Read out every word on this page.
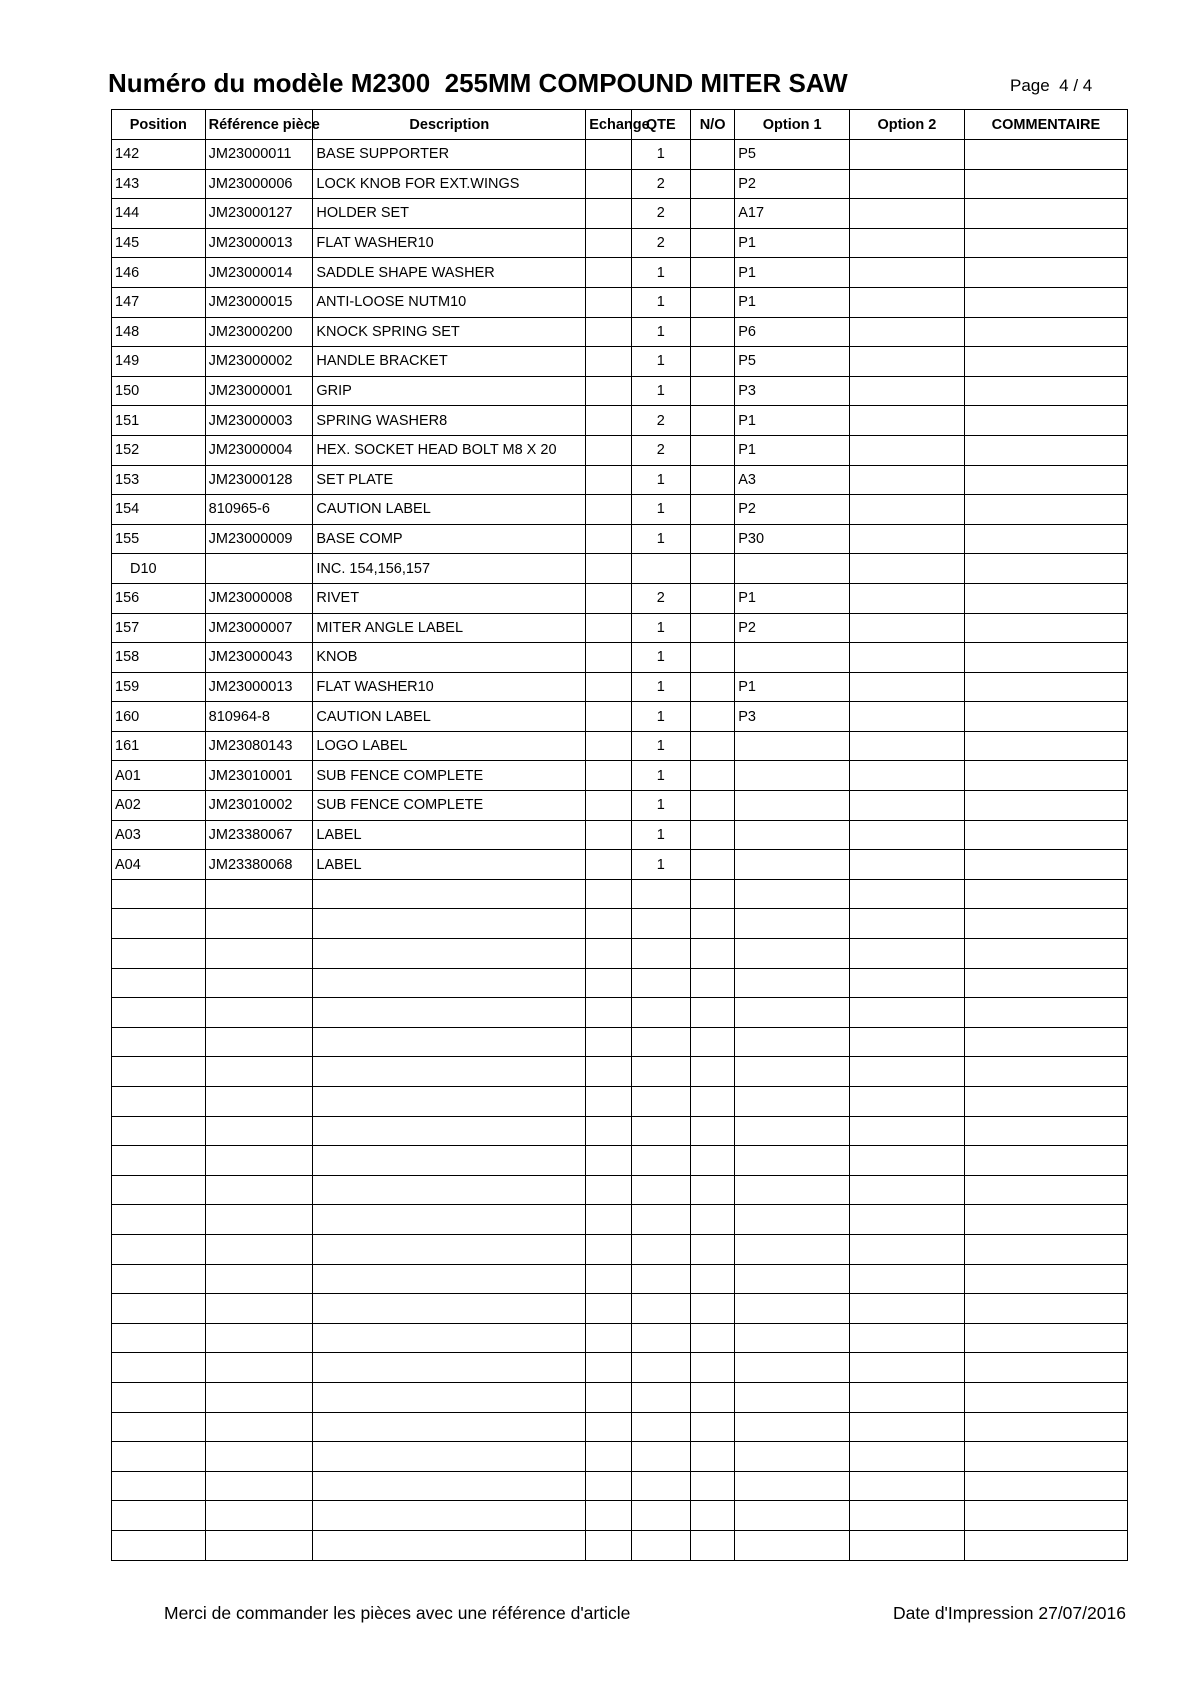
Numéro du modèle M2300  255MM COMPOUND MITER SAW	Page  4 / 4
Position	Référence pièce	Description	Echange	QTE	N/O	Option 1	Option 2	COMMENTAIRE
142	JM23000011	BASE SUPPORTER		1		P5		
143	JM23000006	LOCK KNOB FOR EXT.WINGS		2		P2		
144	JM23000127	HOLDER SET		2		A17		
145	JM23000013	FLAT WASHER10		2		P1		
146	JM23000014	SADDLE SHAPE WASHER		1		P1		
147	JM23000015	ANTI-LOOSE NUTM10		1		P1		
148	JM23000200	KNOCK SPRING SET		1		P6		
149	JM23000002	HANDLE BRACKET		1		P5		
150	JM23000001	GRIP		1		P3		
151	JM23000003	SPRING WASHER8		2		P1		
152	JM23000004	HEX. SOCKET HEAD BOLT M8 X 20		2		P1		
153	JM23000128	SET PLATE		1		A3		
154	810965-6	CAUTION LABEL		1		P2		
155	JM23000009	BASE COMP		1		P30		
D10		INC. 154,156,157						
156	JM23000008	RIVET		2		P1		
157	JM23000007	MITER ANGLE LABEL		1		P2		
158	JM23000043	KNOB		1				
159	JM23000013	FLAT WASHER10		1		P1		
160	810964-8	CAUTION LABEL		1		P3		
161	JM23080143	LOGO LABEL		1				
A01	JM23010001	SUB FENCE COMPLETE		1				
A02	JM23010002	SUB FENCE COMPLETE		1				
A03	JM23380067	LABEL		1				
A04	JM23380068	LABEL		1				

Merci de commander les pièces avec une référence d'article	Date d'Impression 27/07/2016
